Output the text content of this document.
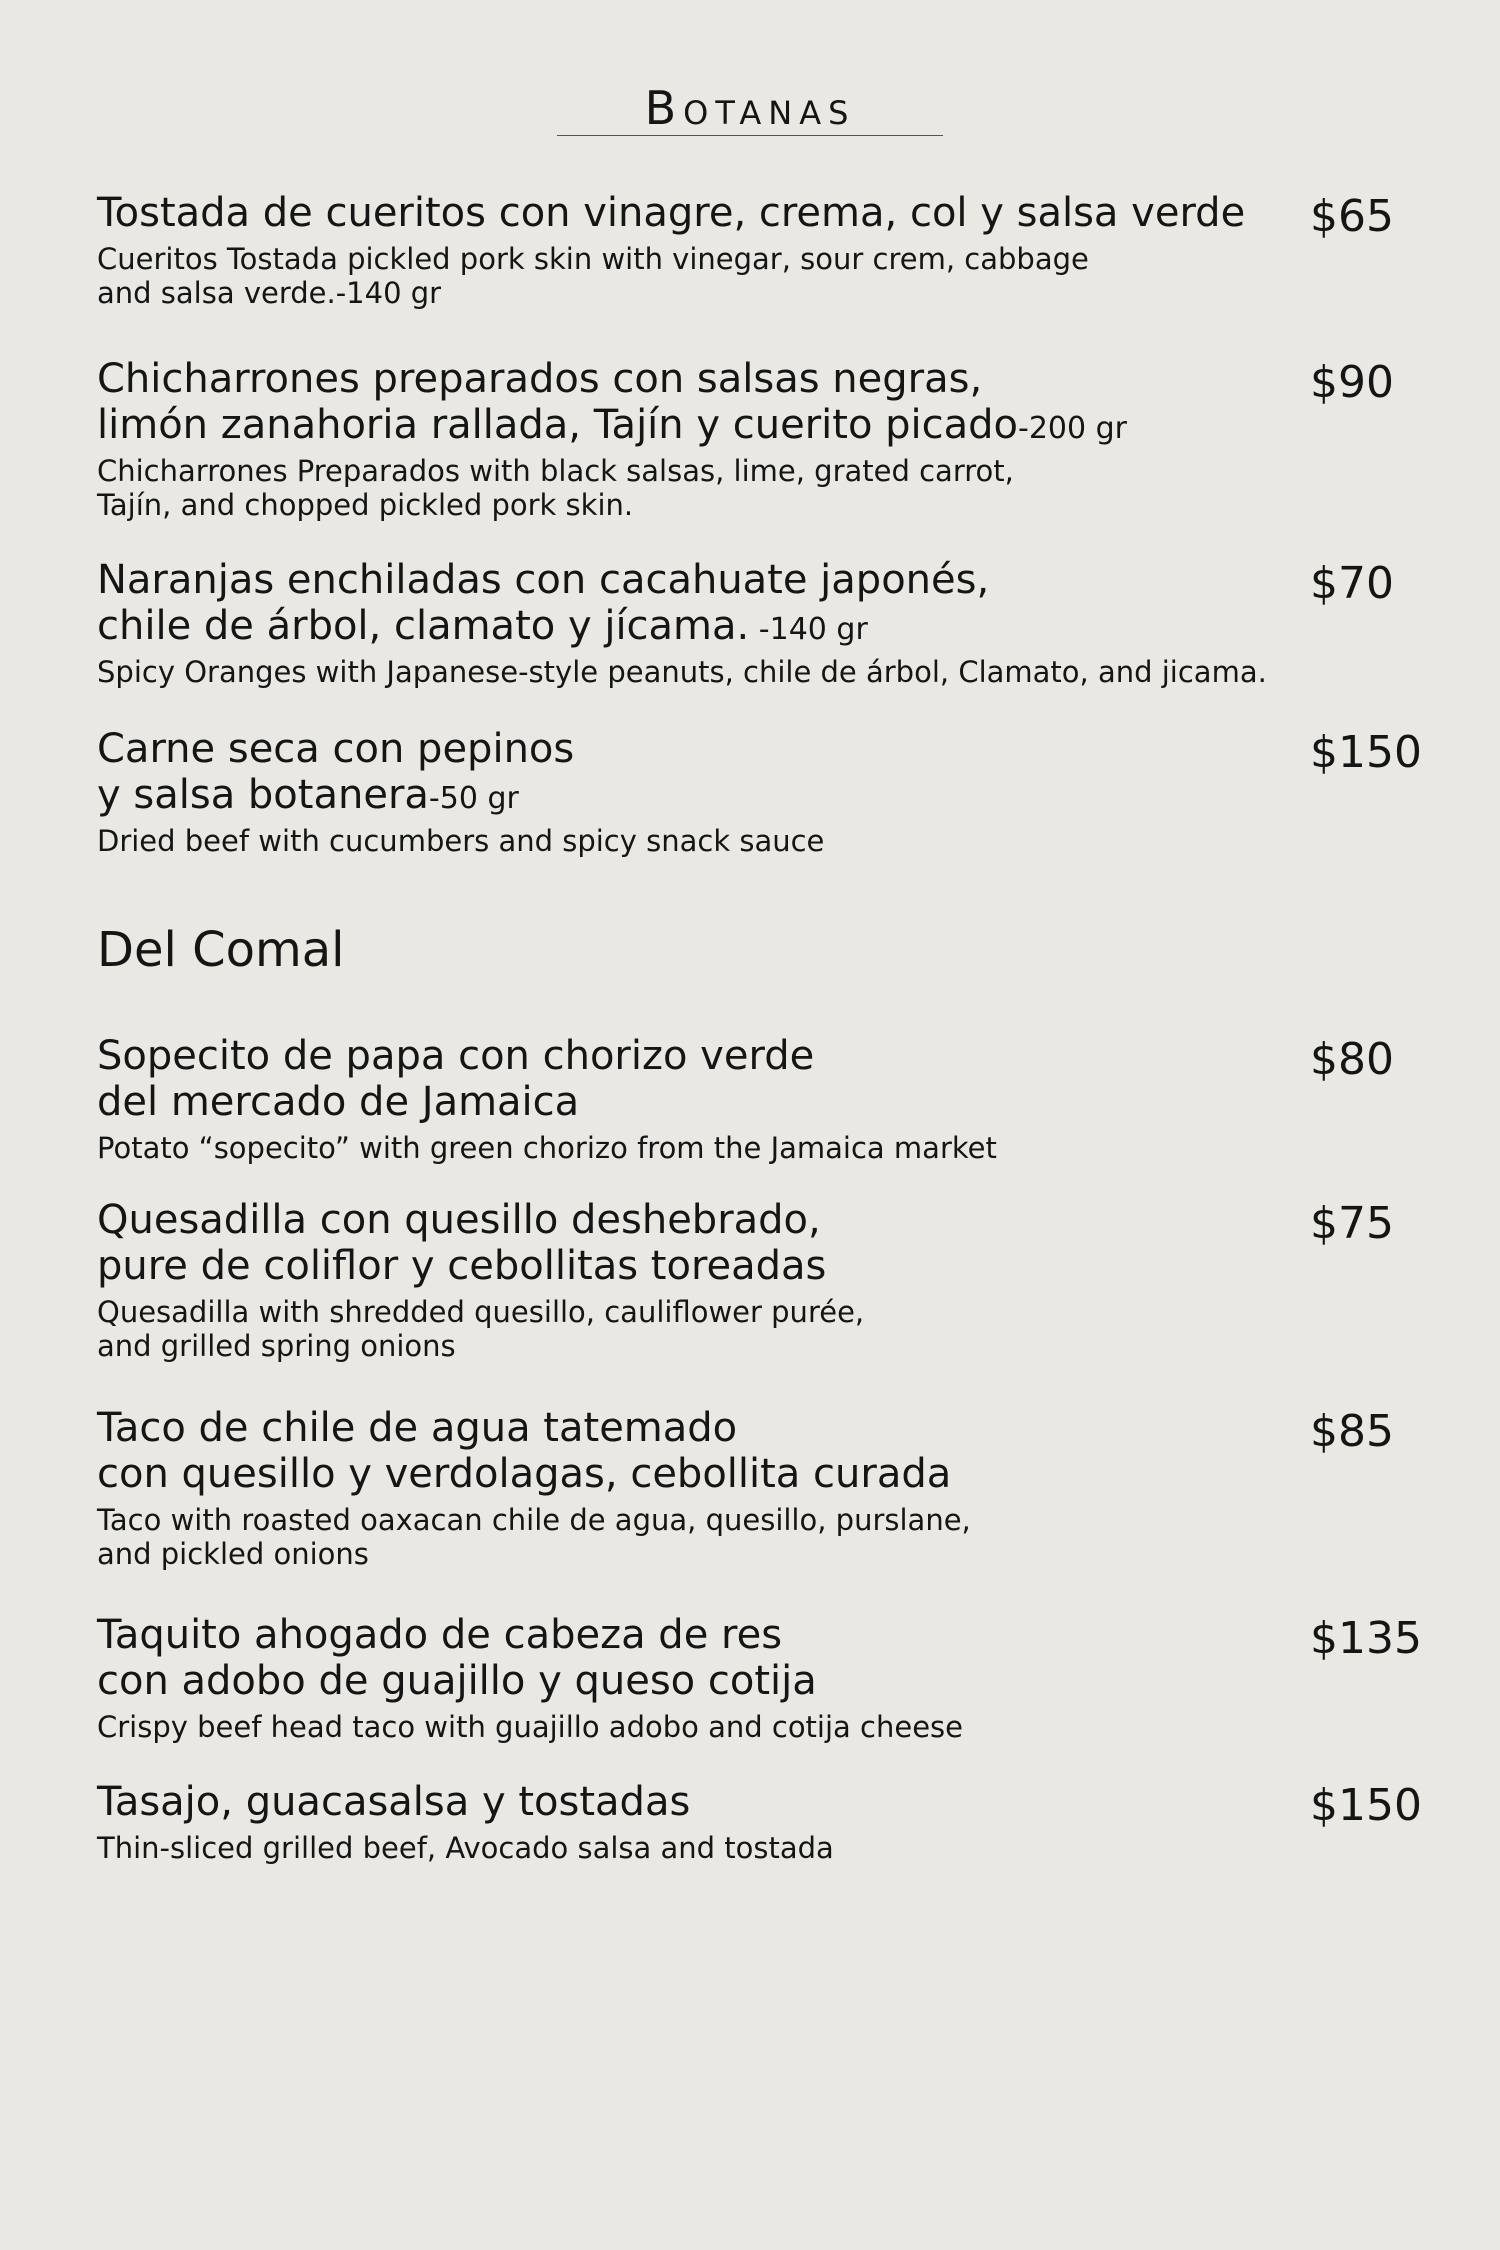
Botanas
Tostada de cueritos con vinagre, crema, col y salsa verde
Cueritos Tostada pickled pork skin with vinegar, sour crem, cabbage
and salsa verde.-140 gr
$65
Chicharrones preparados con salsas negras,
limón zanahoria rallada, Tajín y cuerito picado-200 gr
Chicharrones Preparados with black salsas, lime, grated carrot,
Tajín, and chopped pickled pork skin.
$90
Naranjas enchiladas con cacahuate japonés,
chile de árbol, clamato y jícama. -140 gr
Spicy Oranges with Japanese-style peanuts, chile de árbol, Clamato, and jicama.
$70
Carne seca con pepinos
y salsa botanera-50 gr
Dried beef with cucumbers and spicy snack sauce
$150
Del Comal
Sopecito de papa con chorizo verde
del mercado de Jamaica
Potato “sopecito” with green chorizo from the Jamaica market
$80
Quesadilla con quesillo deshebrado,
pure de coliflor y cebollitas toreadas
Quesadilla with shredded quesillo, cauliflower purée,
and grilled spring onions
$75
Taco de chile de agua tatemado
con quesillo y verdolagas, cebollita curada
Taco with roasted oaxacan chile de agua, quesillo, purslane,
and pickled onions
$85
Taquito ahogado de cabeza de res
con adobo de guajillo y queso cotija
Crispy beef head taco with guajillo adobo and cotija cheese
$135
Tasajo, guacasalsa y tostadas
Thin-sliced grilled beef, Avocado salsa and tostada
$150
